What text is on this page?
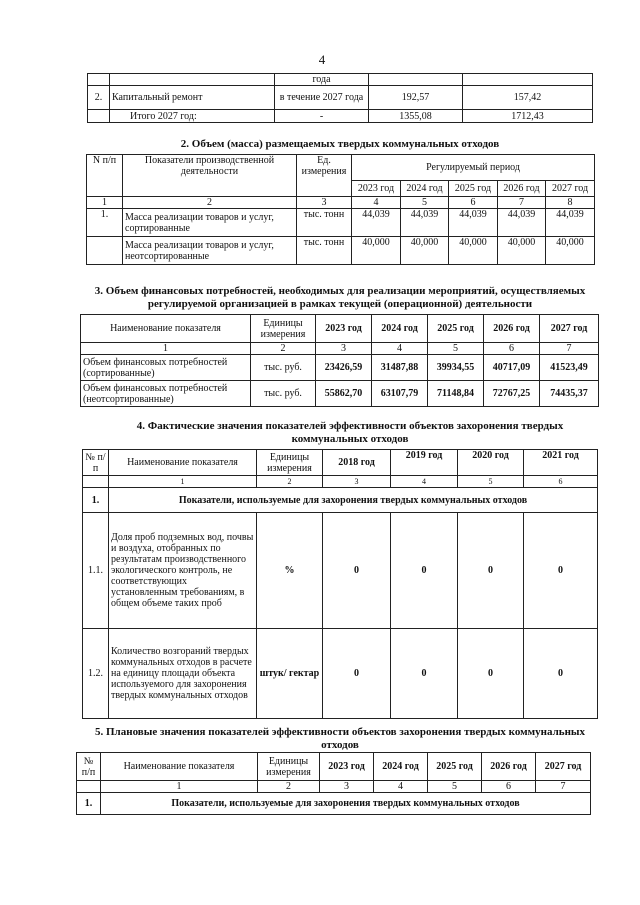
4
		года		
2.	Капитальный ремонт	в течение 2027 года	192,57	157,42
	Итого 2027 год:	-	1355,08	1712,43
2. Объем (масса) размещаемых твердых коммунальных отходов
N п/п	Показатели производственной деятельности	Ед. измерения	Регулируемый период				
			2023 год	2024 год	2025 год	2026 год	2027 год
1	2	3	4	5	6	7	8
1.	Масса реализации товаров и услуг, сортированные	тыс. тонн	44,039	44,039	44,039	44,039	44,039
	Масса реализации товаров и услуг, неотсортированные	тыс. тонн	40,000	40,000	40,000	40,000	40,000
3. Объем финансовых потребностей, необходимых для реализации мероприятий, осуществляемых
регулируемой организацией в рамках текущей (операционной) деятельности
Наименование показателя	Единицы измерения	2023 год	2024 год	2025 год	2026 год	2027 год
1	2	3	4	5	6	7
Объем финансовых потребностей (сортированные)	тыс. руб.	23426,59	31487,88	39934,55	40717,09	41523,49
Объем финансовых потребностей (неотсортированные)	тыс. руб.	55862,70	63107,79	71148,84	72767,25	74435,37
4. Фактические значения показателей эффективности объектов захоронения твердых
коммунальных отходов
№ п/п	Наименование показателя	Единицы измерения	2018 год	2019 год	2020 год	2021 год
	1	2	3	4	5	6
1.	Показатели, используемые для захоронения твердых коммунальных отходов					
1.1.	Доля проб подземных вод, почвы и воздуха, отобранных по результатам производственного экологического контроль, не соответствующих установленным требованиям, в общем объеме таких проб	%	0	0	0	0
1.2.	Количество возгораний твердых коммунальных отходов в расчете на единицу площади объекта используемого для захоронения твердых коммунальных отходов	штук/ гектар	0	0	0	0
5. Плановые значения показателей эффективности объектов захоронения твердых коммунальных
отходов
№ п/п	Наименование показателя	Единицы измерения	2023 год	2024 год	2025 год	2026 год	2027 год
	1	2	3	4	5	6	7
1.	Показатели, используемые для захоронения твердых коммунальных отходов						
